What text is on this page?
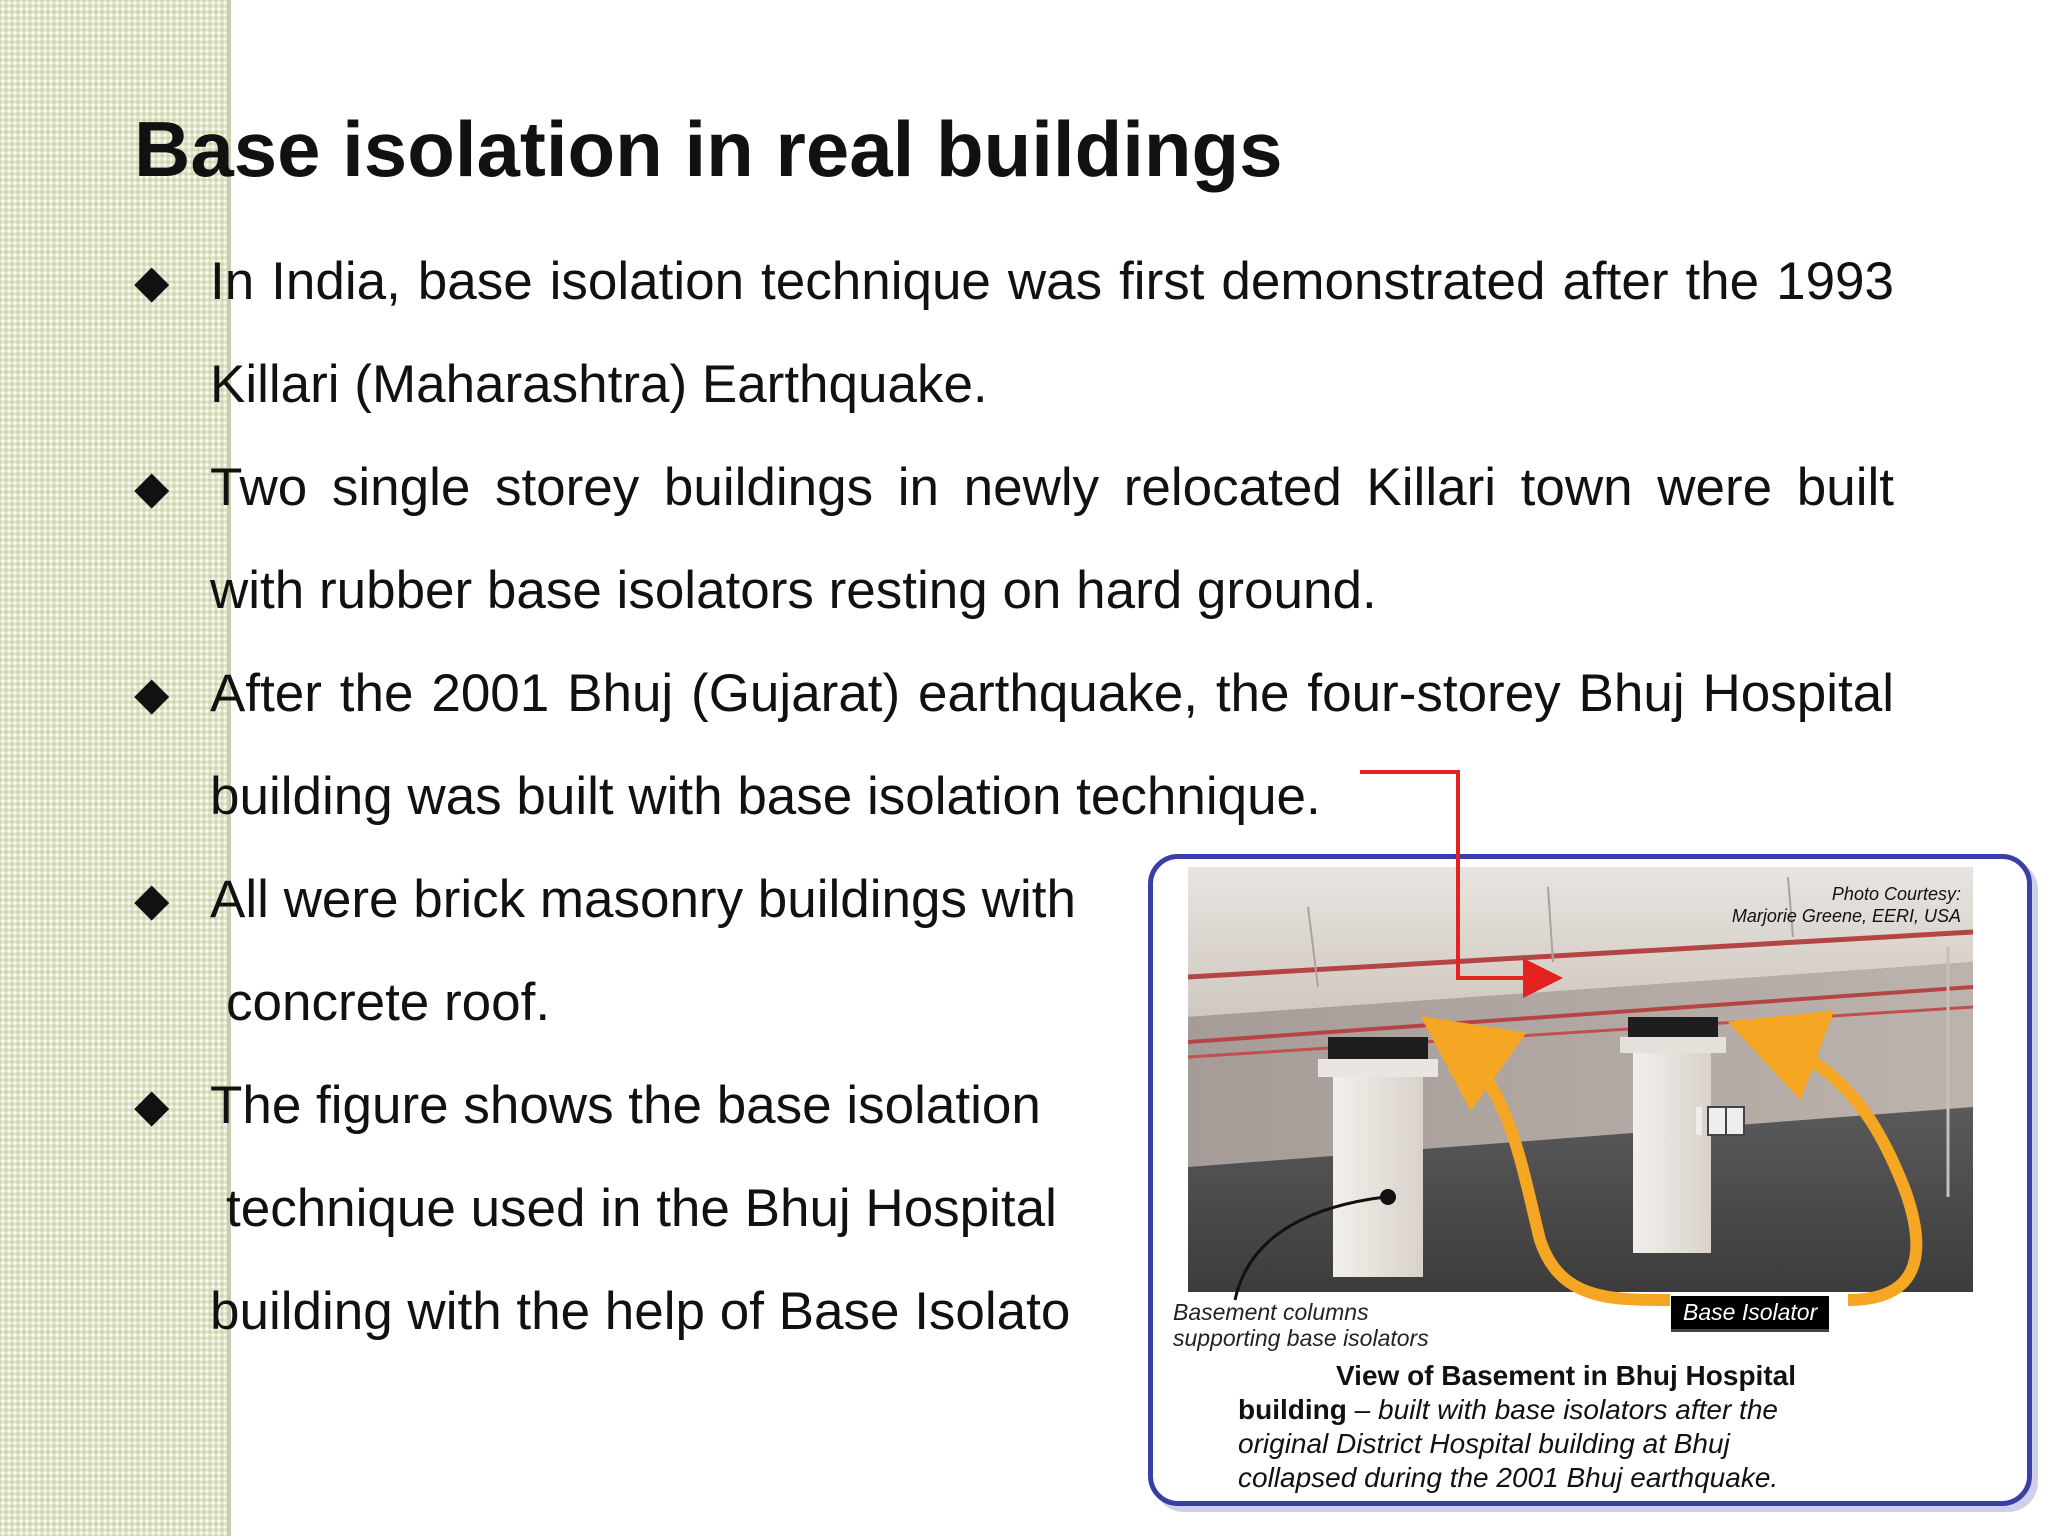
Base isolation in real buildings
◆ In India, base isolation technique was first demonstrated after the 1993 Killari (Maharashtra) Earthquake.
◆ Two single storey buildings in newly relocated Killari town were built with rubber base isolators resting on hard ground.
◆ After the 2001 Bhuj (Gujarat) earthquake, the four-storey Bhuj Hospital building was built with base isolation technique.
◆ All were brick masonry buildings with
concrete roof.
◆ The figure shows the base isolation
technique used in the Bhuj Hospital
building with the help of Base Isolato
Photo Courtesy:
Marjorie Greene, EERI, USA
Basement columns
supporting base isolators
Base Isolator
View of Basement in Bhuj Hospital
building – built with base isolators after the
original District Hospital building at Bhuj
collapsed during the 2001 Bhuj earthquake.
